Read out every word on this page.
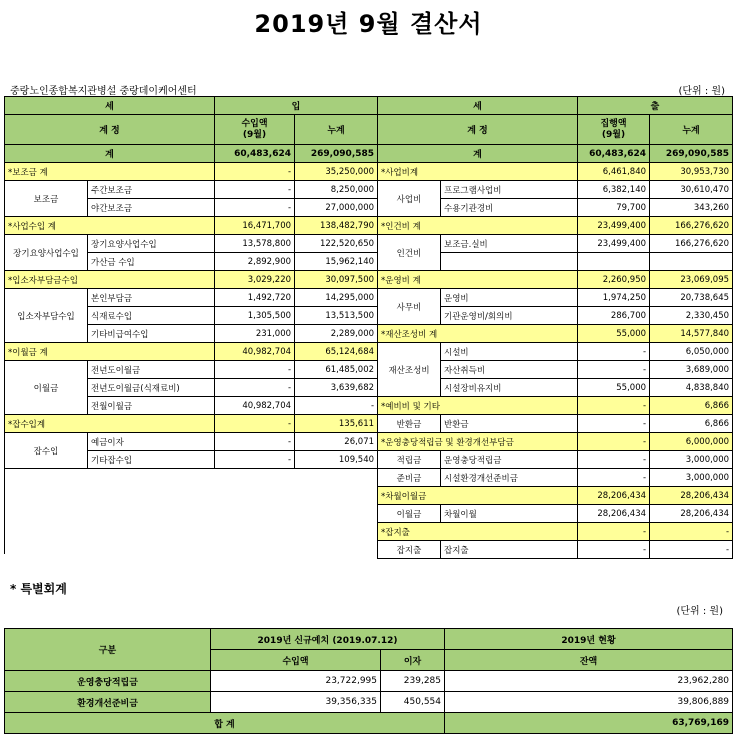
2019년 9월 결산서
중랑노인종합복지관병설 중랑데이케어센터	(단위 : 원)
세		입	
계 정		수입액
(9월)	누계
계		60,483,624	269,090,585
*보조금 계		-	35,250,000
보조금	주간보조금	-	8,250,000
	야간보조금	-	27,000,000
*사업수입 계		16,471,700	138,482,790
장기요양사업수입	장기요양사업수입	13,578,800	122,520,650
	가산금 수입	2,892,900	15,962,140
*입소자부담금수입		3,029,220	30,097,500
입소자부담수입	본인부담금	1,492,720	14,295,000
	식재료수입	1,305,500	13,513,500
	기타비급여수입	231,000	2,289,000
*이월금 계		40,982,704	65,124,684
이월금	전년도이월금	-	61,485,002
	전년도이월금(식재료비)	-	3,639,682
	전월이월금	40,982,704	-
*잡수입계		-	135,611
잡수입	예금이자	-	26,071
	기타잡수입	-	109,540

세		출	
계 정		집행액
(9월)	누계
계		60,483,624	269,090,585
*사업비계		6,461,840	30,953,730
사업비	프로그램사업비	6,382,140	30,610,470
	수용기관경비	79,700	343,260
*인건비 계		23,499,400	166,276,620
인건비	보조금.실비	23,499,400	166,276,620

*운영비 계		2,260,950	23,069,095
사무비	운영비	1,974,250	20,738,645
	기관운영비/회의비	286,700	2,330,450
*재산조성비 계		55,000	14,577,840
재산조성비	시설비	-	6,050,000
	자산취득비	-	3,689,000
	시설장비유지비	55,000	4,838,840
*예비비 및 기타		-	6,866
반환금	반환금	-	6,866
*운영충당적립금 및 환경개선부담금		-	6,000,000
적립금	운영충당적립금	-	3,000,000
준비금	시설환경개선준비금	-	3,000,000
*차월이월금		28,206,434	28,206,434
이월금	차월이월	28,206,434	28,206,434
*잡지출		-	-
잡지출	잡지출	-	-
* 특별회계
(단위 : 원)
구분	2019년 신규예치 (2019.07.12)		2019년 현황
	수입액	이자	잔액
운영충당적립금	23,722,995	239,285	23,962,280
환경개선준비금	39,356,335	450,554	39,806,889
합 계			63,769,169
